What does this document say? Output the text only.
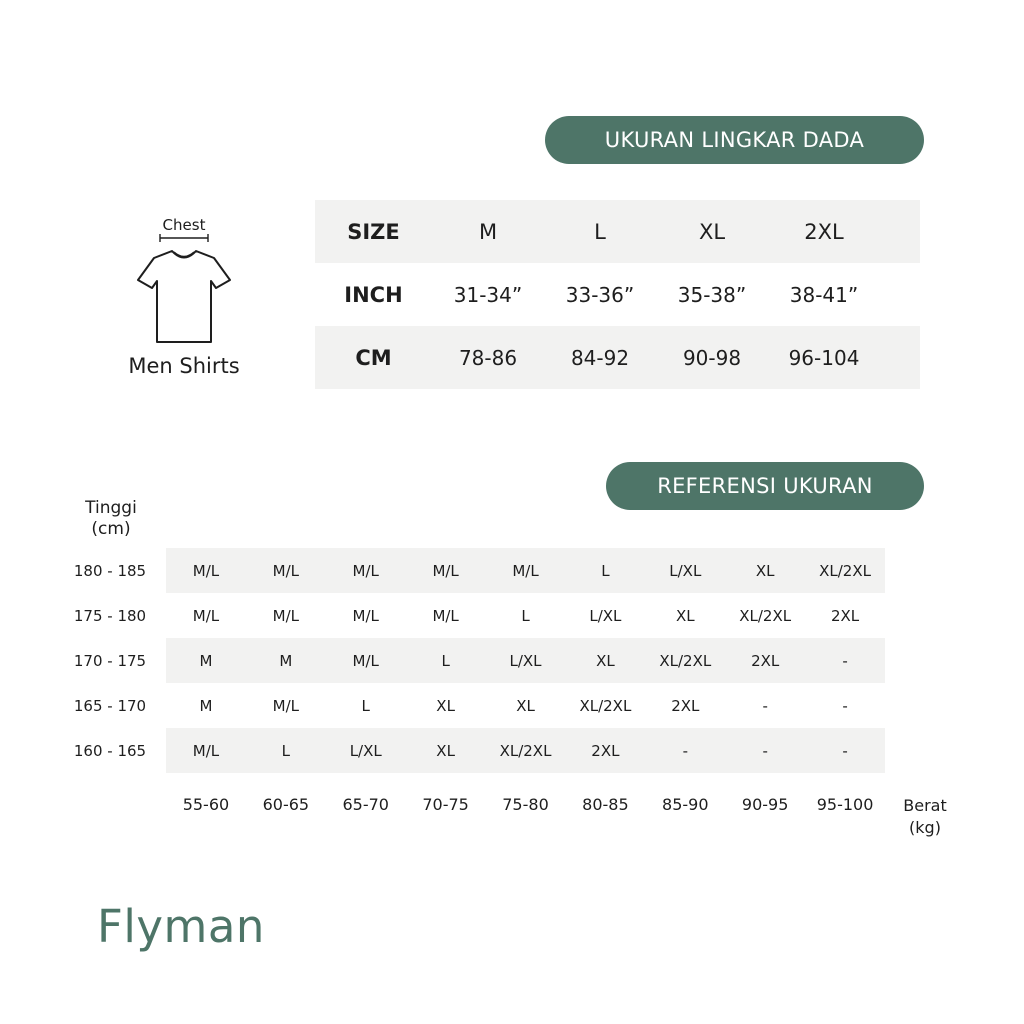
UKURAN LINGKAR DADA
Chest
Men Shirts
SIZE	M	L	XL	2XL
INCH	31-34”	33-36”	35-38”	38-41”
CM	78-86	84-92	90-98	96-104
REFERENSI UKURAN
Tinggi
(cm)
180 - 185	M/L	M/L	M/L	M/L	M/L	L	L/XL	XL	XL/2XL
175 - 180	M/L	M/L	M/L	M/L	L	L/XL	XL	XL/2XL	2XL
170 - 175	M	M	M/L	L	L/XL	XL	XL/2XL	2XL	-
165 - 170	M	M/L	L	XL	XL	XL/2XL	2XL	-	-
160 - 165	M/L	L	L/XL	XL	XL/2XL	2XL	-	-	-
55-60	60-65	65-70	70-75	75-80	80-85	85-90	90-95	95-100	Berat
(kg)
Flyman
